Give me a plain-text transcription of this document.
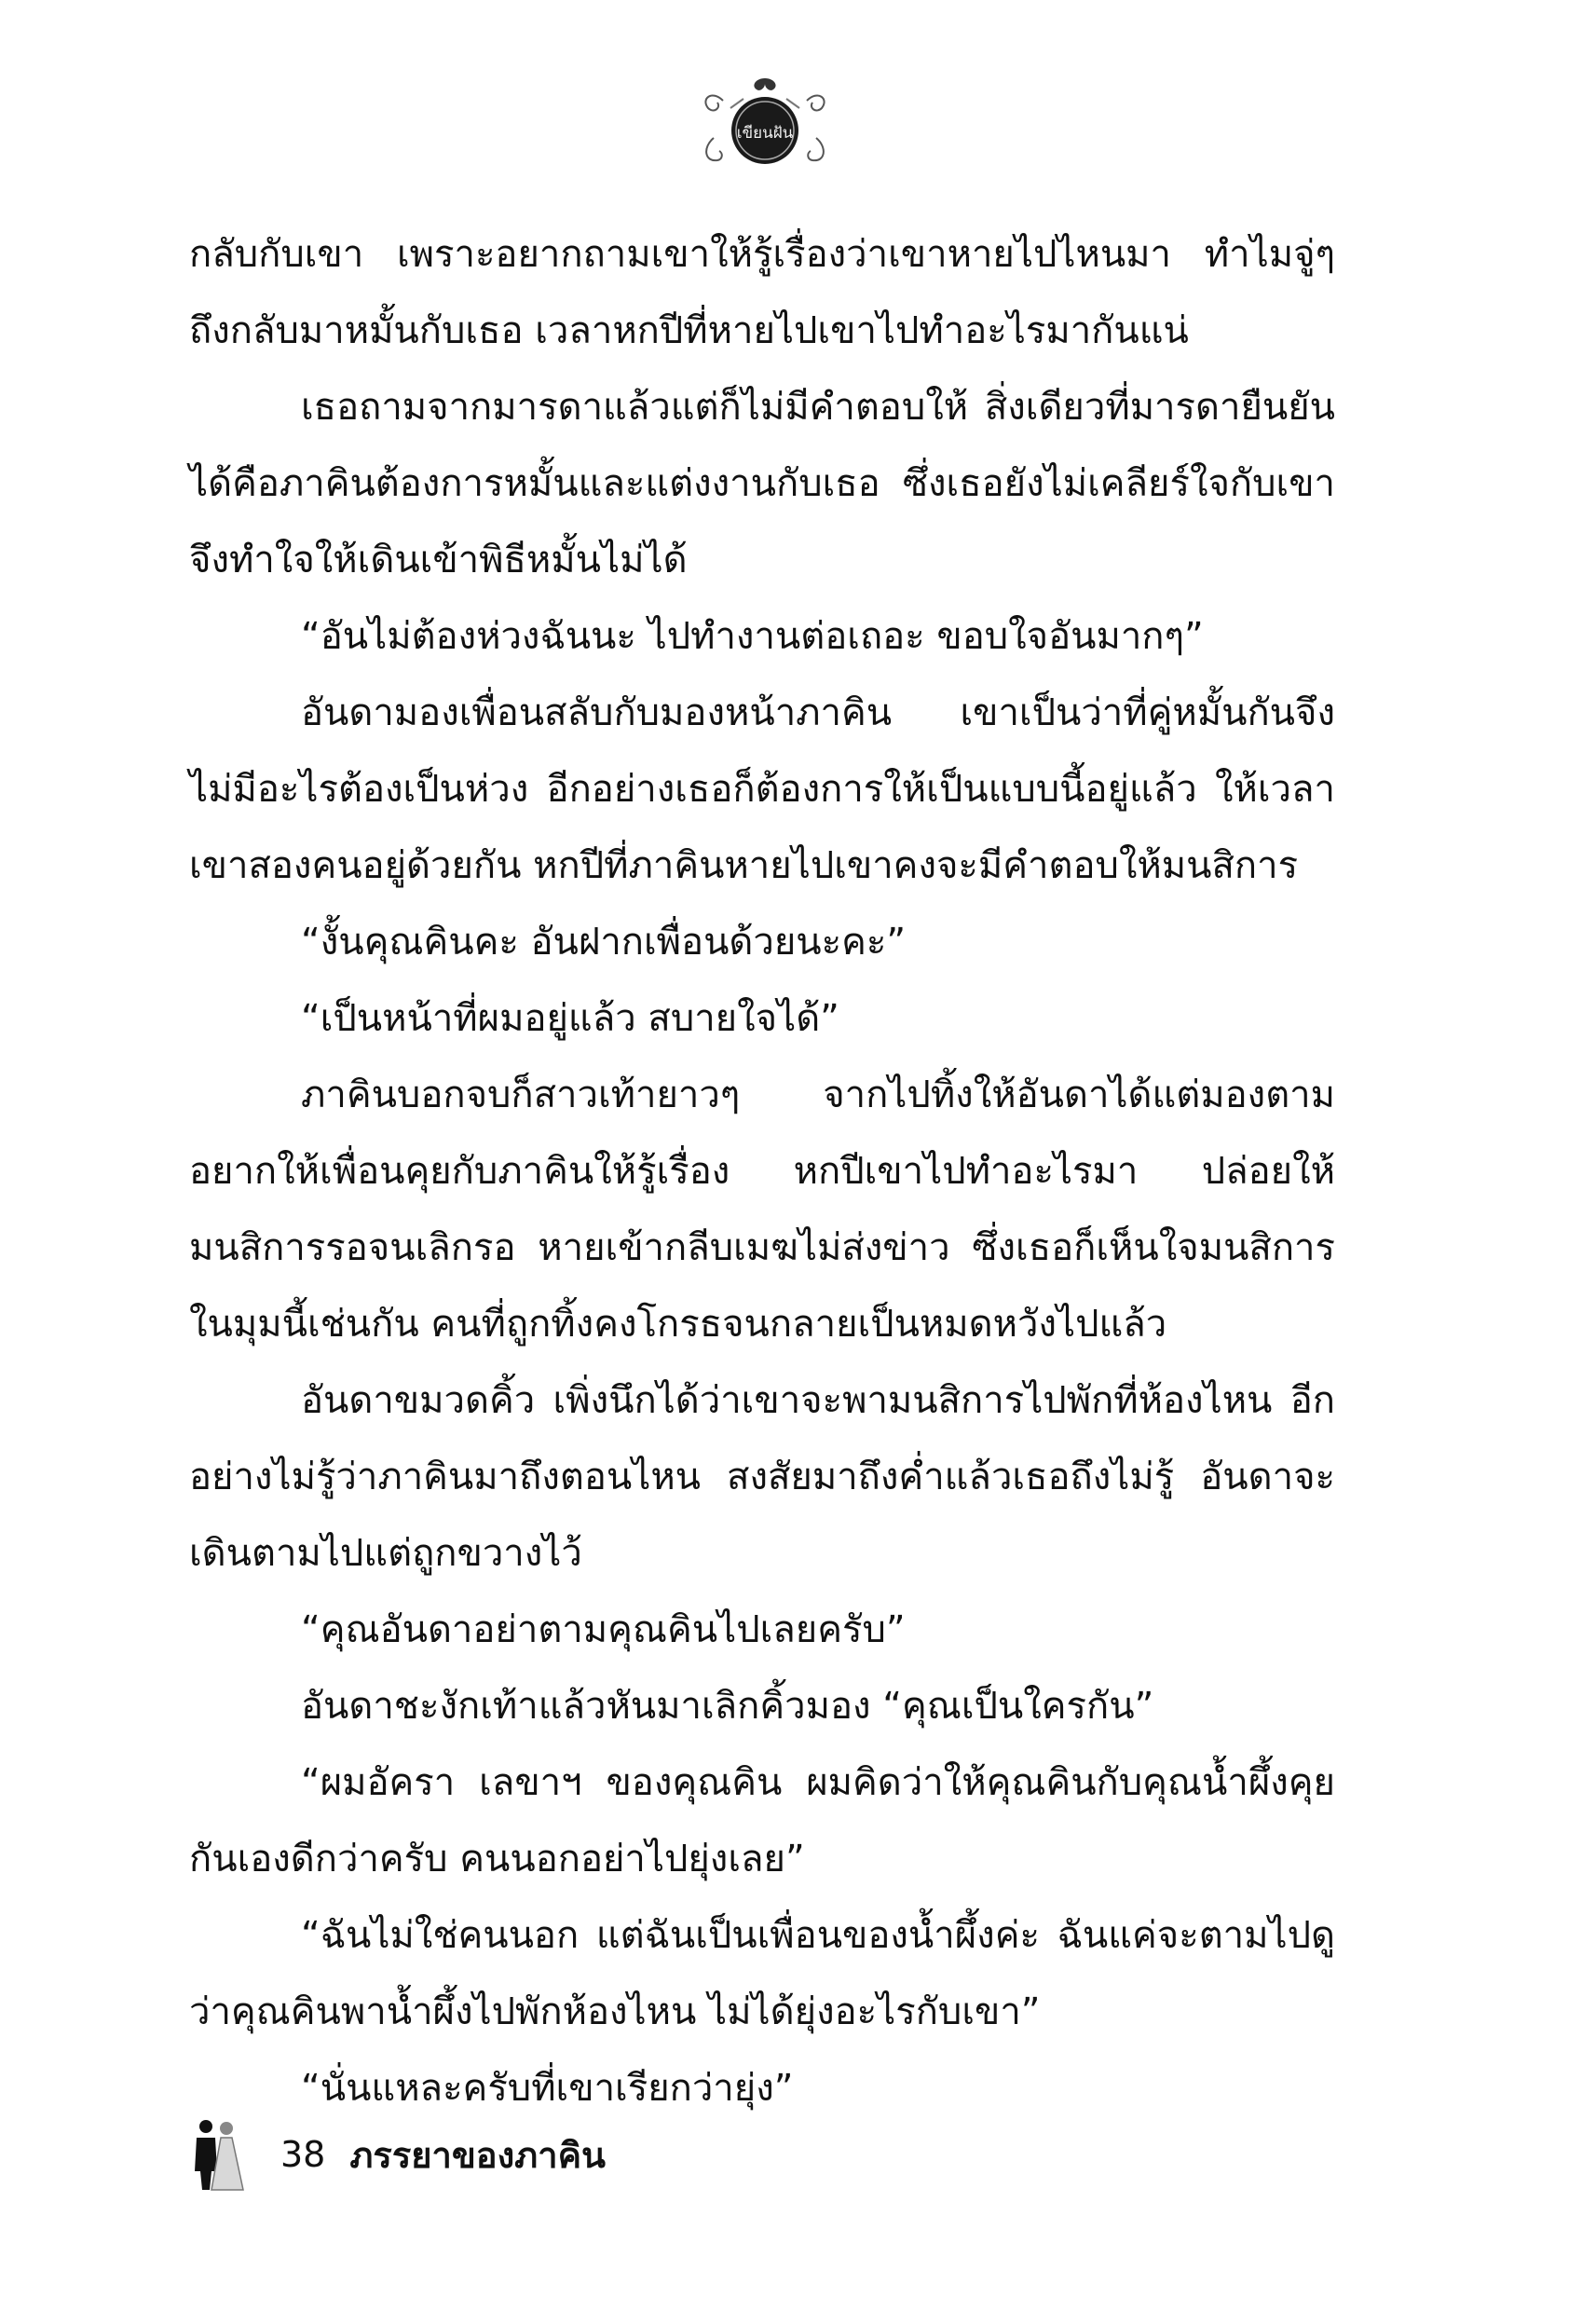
เขียนฝัน

กลับกับเขา เพราะอยากถามเขาให้รู้เรื่องว่าเขาหายไปไหนมา ทำไมจู่ๆ ถึงกลับมาหมั้นกับเธอ เวลาหกปีที่หายไปเขาไปทำอะไรมากันแน่

เธอถามจากมารดาแล้วแต่ก็ไม่มีคำตอบให้ สิ่งเดียวที่มารดายืนยันได้คือภาคินต้องการหมั้นและแต่งงานกับเธอ ซึ่งเธอยังไม่เคลียร์ใจกับเขา จึงทำใจให้เดินเข้าพิธีหมั้นไม่ได้

“อันไม่ต้องห่วงฉันนะ ไปทำงานต่อเถอะ ขอบใจอันมากๆ”

อันดามองเพื่อนสลับกับมองหน้าภาคิน เขาเป็นว่าที่คู่หมั้นกันจึงไม่มีอะไรต้องเป็นห่วง อีกอย่างเธอก็ต้องการให้เป็นแบบนี้อยู่แล้ว ให้เวลาเขาสองคนอยู่ด้วยกัน หกปีที่ภาคินหายไปเขาคงจะมีคำตอบให้มนสิการ

“งั้นคุณคินคะ อันฝากเพื่อนด้วยนะคะ”

“เป็นหน้าที่ผมอยู่แล้ว สบายใจได้”

ภาคินบอกจบก็สาวเท้ายาวๆ จากไปทิ้งให้อันดาได้แต่มองตาม อยากให้เพื่อนคุยกับภาคินให้รู้เรื่อง หกปีเขาไปทำอะไรมา ปล่อยให้มนสิการรอจนเลิกรอ หายเข้ากลีบเมฆไม่ส่งข่าว ซึ่งเธอก็เห็นใจมนสิการในมุมนี้เช่นกัน คนที่ถูกทิ้งคงโกรธจนกลายเป็นหมดหวังไปแล้ว

อันดาขมวดคิ้ว เพิ่งนึกได้ว่าเขาจะพามนสิการไปพักที่ห้องไหน อีกอย่างไม่รู้ว่าภาคินมาถึงตอนไหน สงสัยมาถึงค่ำแล้วเธอถึงไม่รู้ อันดาจะเดินตามไปแต่ถูกขวางไว้

“คุณอันดาอย่าตามคุณคินไปเลยครับ”

อันดาชะงักเท้าแล้วหันมาเลิกคิ้วมอง “คุณเป็นใครกัน”

“ผมอัครา เลขาฯ ของคุณคิน ผมคิดว่าให้คุณคินกับคุณน้ำผึ้งคุยกันเองดีกว่าครับ คนนอกอย่าไปยุ่งเลย”

“ฉันไม่ใช่คนนอก แต่ฉันเป็นเพื่อนของน้ำผึ้งค่ะ ฉันแค่จะตามไปดูว่าคุณคินพาน้ำผึ้งไปพักห้องไหน ไม่ได้ยุ่งอะไรกับเขา”

“นั่นแหละครับที่เขาเรียกว่ายุ่ง”

38 ภรรยาของภาคิน
